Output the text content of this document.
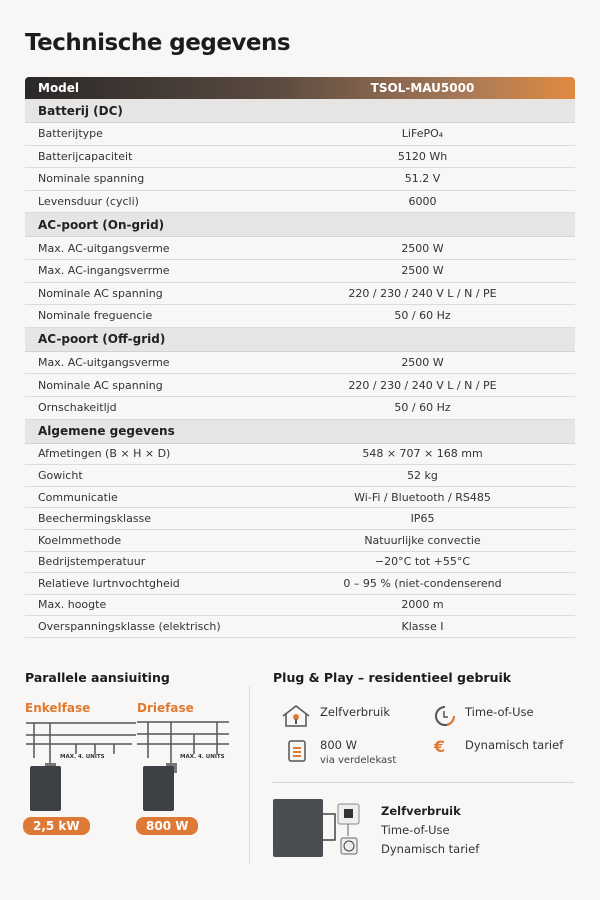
Technische gegevens
Model	TSOL-MAU5000
Batterij (DC)
Batterijtype	LiFePO₄
Batterijcapaciteit	5120 Wh
Nominale spanning	51.2 V
Levensduur (cycli)	6000
AC-poort (On-grid)
Max. AC-uitgangsverme	2500 W
Max. AC-ingangsverrme	2500 W
Nominale AC spanning	220 / 230 / 240 V L / N / PE
Nominale freguencie	50 / 60 Hz
AC-poort (Off-grid)
Max. AC-uitgangsverme	2500 W
Nominale AC spanning	220 / 230 / 240 V L / N / PE
Ornschakeitljd	50 / 60 Hz
Algemene gegevens
Afmetingen (B × H × D)	548 × 707 × 168 mm
Gowicht	52 kg
Communicatie	Wi-Fi / Bluetooth / RS485
Beechermingsklasse	IP65
Koelmmethode	Natuurlijke convectie
Bedrijstemperatuur	−20°C tot +55°C
Relatieve lurtnvochtgheid	0 – 95 % (niet-condenserend
Max. hoogte	2000 m
Overspanningsklasse (elektrisch)	Klasse I
Parallele aansiuiting
Enkelfase	Driefase
MAX. 4. UNITS	MAX. 4. UNITS
2,5 kW	800 W
Plug & Play – residentieel gebruik
Zelfverbruik	Time-of-Use
800 W
via verdelekast
€ Dynamisch tarief
Zelfverbruik
Time-of-Use
Dynamisch tarief
